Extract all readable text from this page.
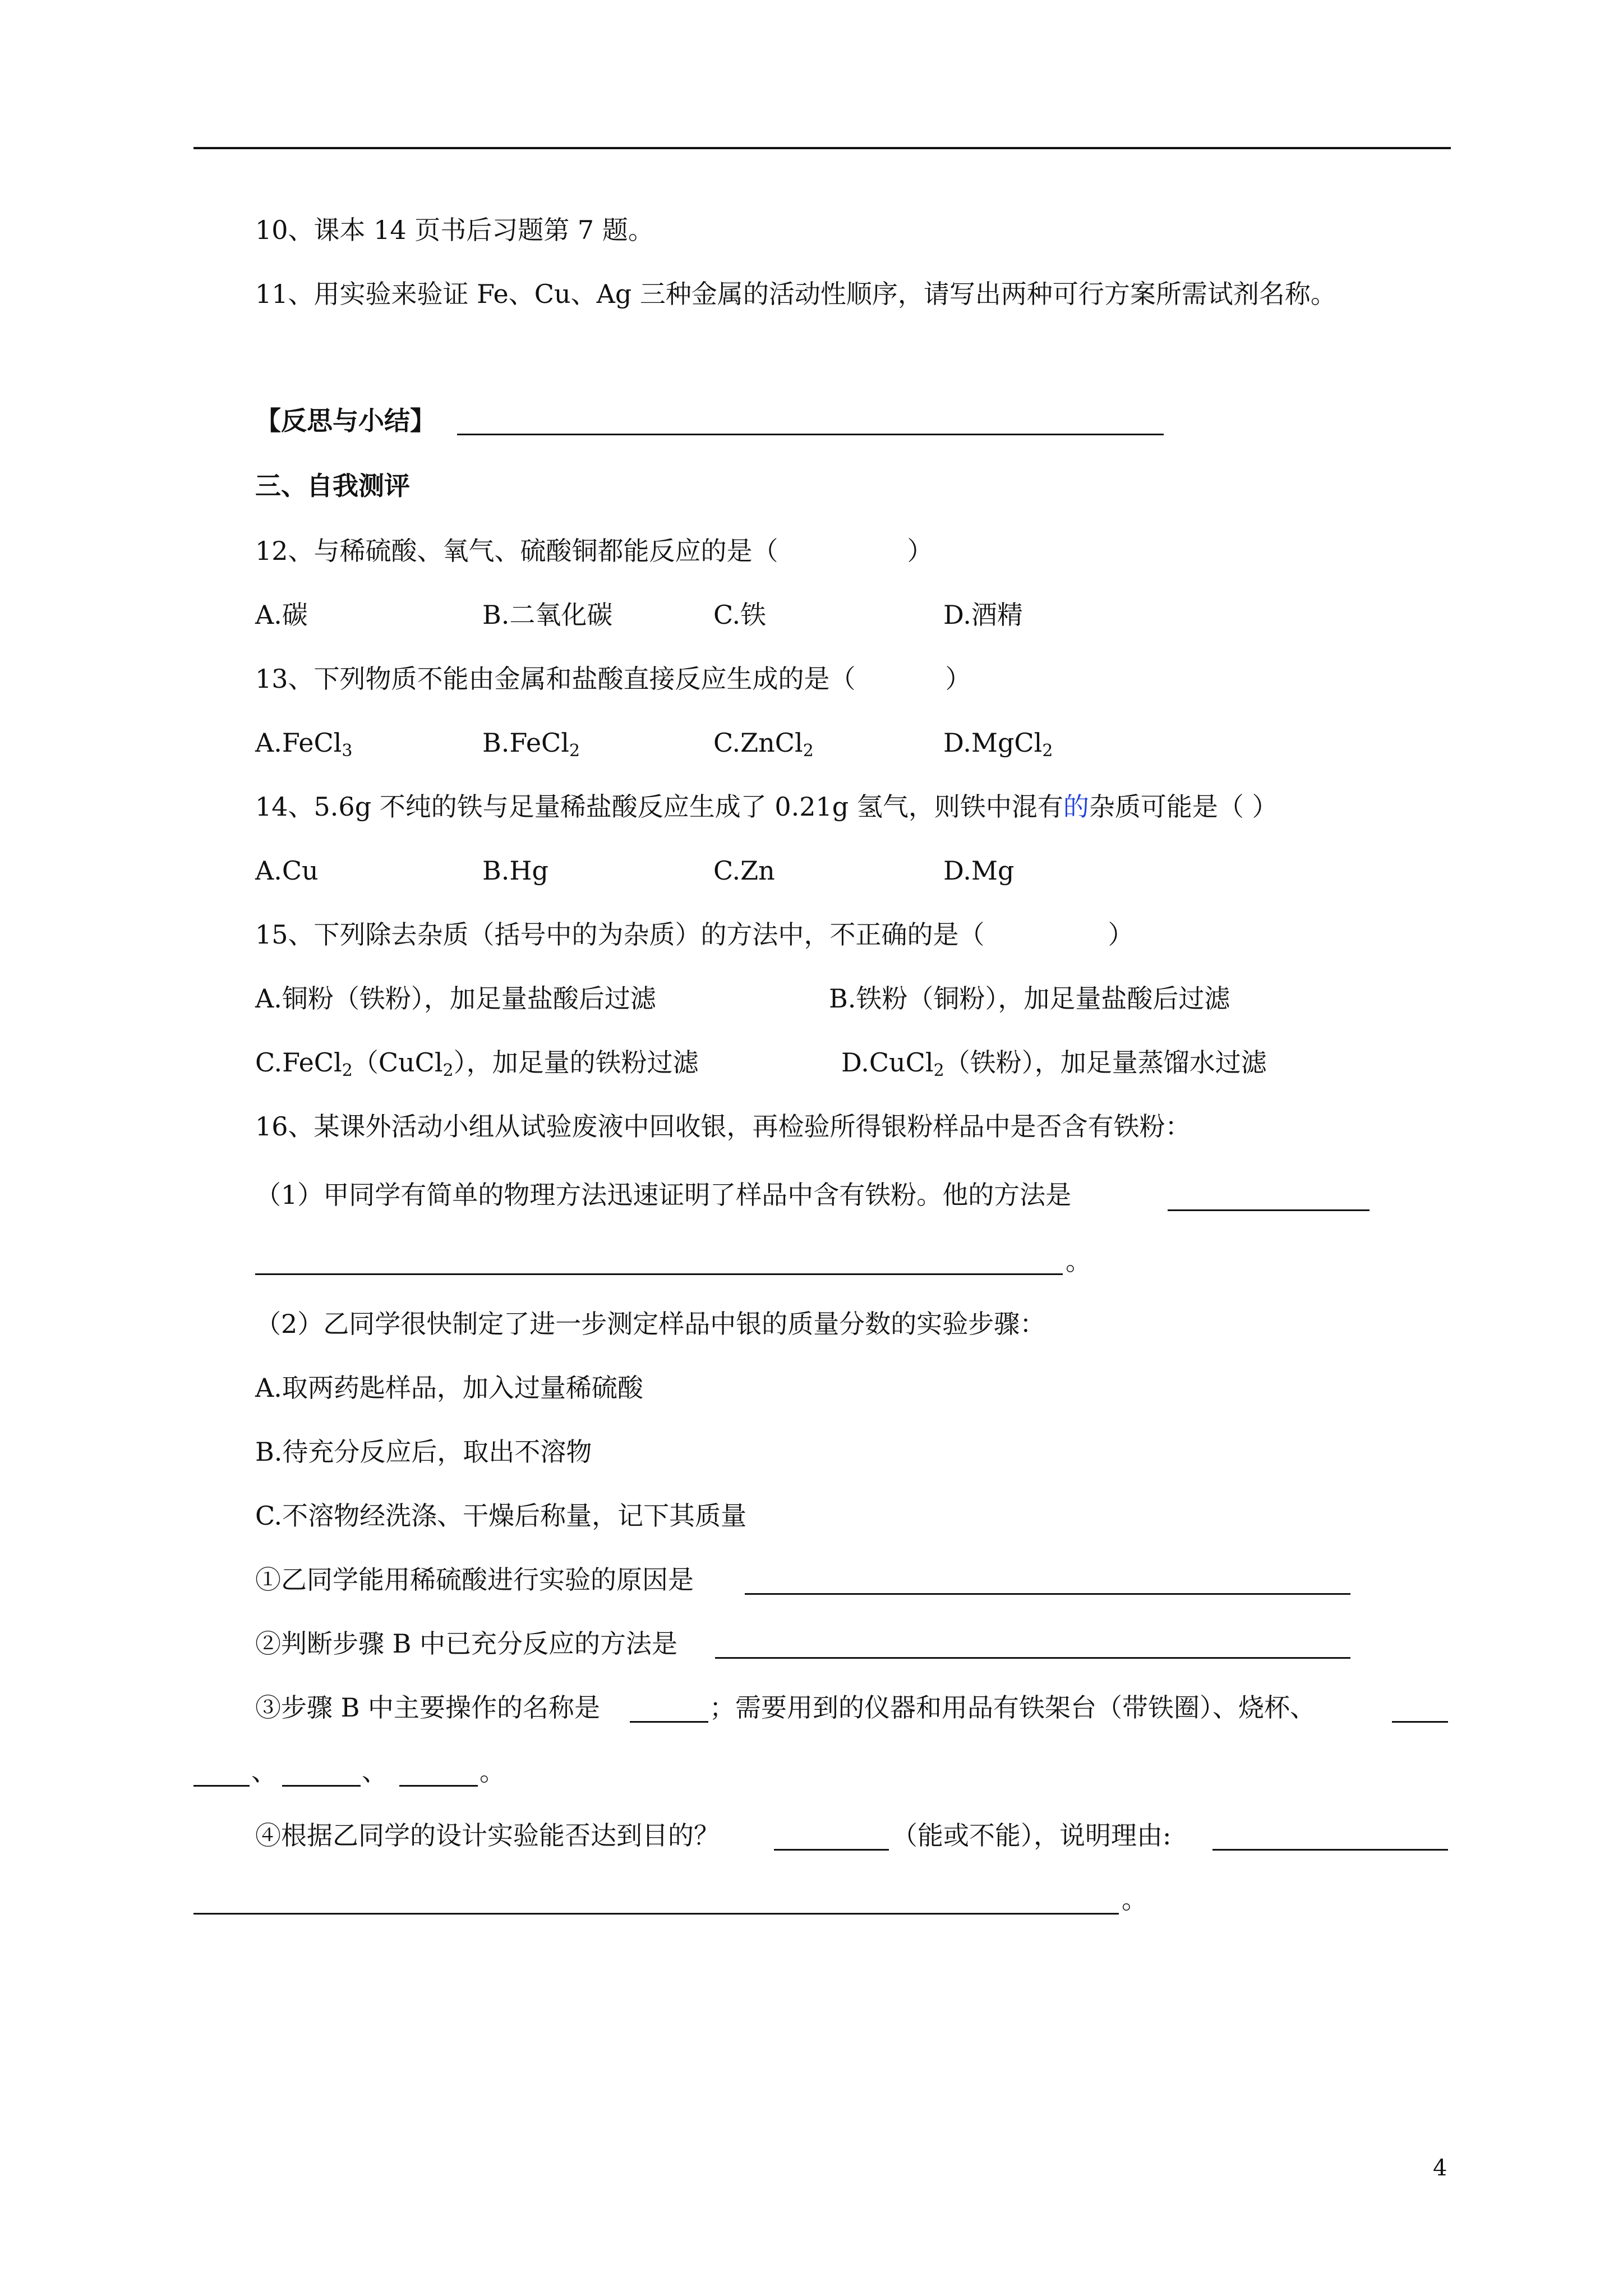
10、课本 14 页书后习题第 7 题。
11、用实验来验证 Fe、Cu、Ag 三种金属的活动性顺序，请写出两种可行方案所需试剂名称。
【反思与小结】
三、自我测评
12、与稀硫酸、氧气、硫酸铜都能反应的是（	）
A.碳	B.二氧化碳	C.铁	D.酒精
13、下列物质不能由金属和盐酸直接反应生成的是（	）
A.FeCl$_3$	B.FeCl$_2$	C.ZnCl$_2$	D.MgCl$_2$
14、5.6g 不纯的铁与足量稀盐酸反应生成了 0.21g 氢气，则铁中混有的杂质可能是（ ）
A.Cu	B.Hg	C.Zn	D.Mg
15、下列除去杂质（括号中的为杂质）的方法中，不正确的是（	）
A.铜粉（铁粉），加足量盐酸后过滤	B.铁粉（铜粉），加足量盐酸后过滤
C.FeCl$_2$（CuCl$_2$），加足量的铁粉过滤	D.CuCl$_2$（铁粉），加足量蒸馏水过滤
16、某课外活动小组从试验废液中回收银，再检验所得银粉样品中是否含有铁粉：
（1）甲同学有简单的物理方法迅速证明了样品中含有铁粉。他的方法是
。
（2）乙同学很快制定了进一步测定样品中银的质量分数的实验步骤：
A.取两药匙样品，加入过量稀硫酸
B.待充分反应后，取出不溶物
C.不溶物经洗涤、干燥后称量，记下其质量
①乙同学能用稀硫酸进行实验的原因是
②判断步骤 B 中已充分反应的方法是
③步骤 B 中主要操作的名称是	；需要用到的仪器和用品有铁架台（带铁圈）、烧杯、
、	、	。
④根据乙同学的设计实验能否达到目的？	（能或不能），说明理由:
。
4
